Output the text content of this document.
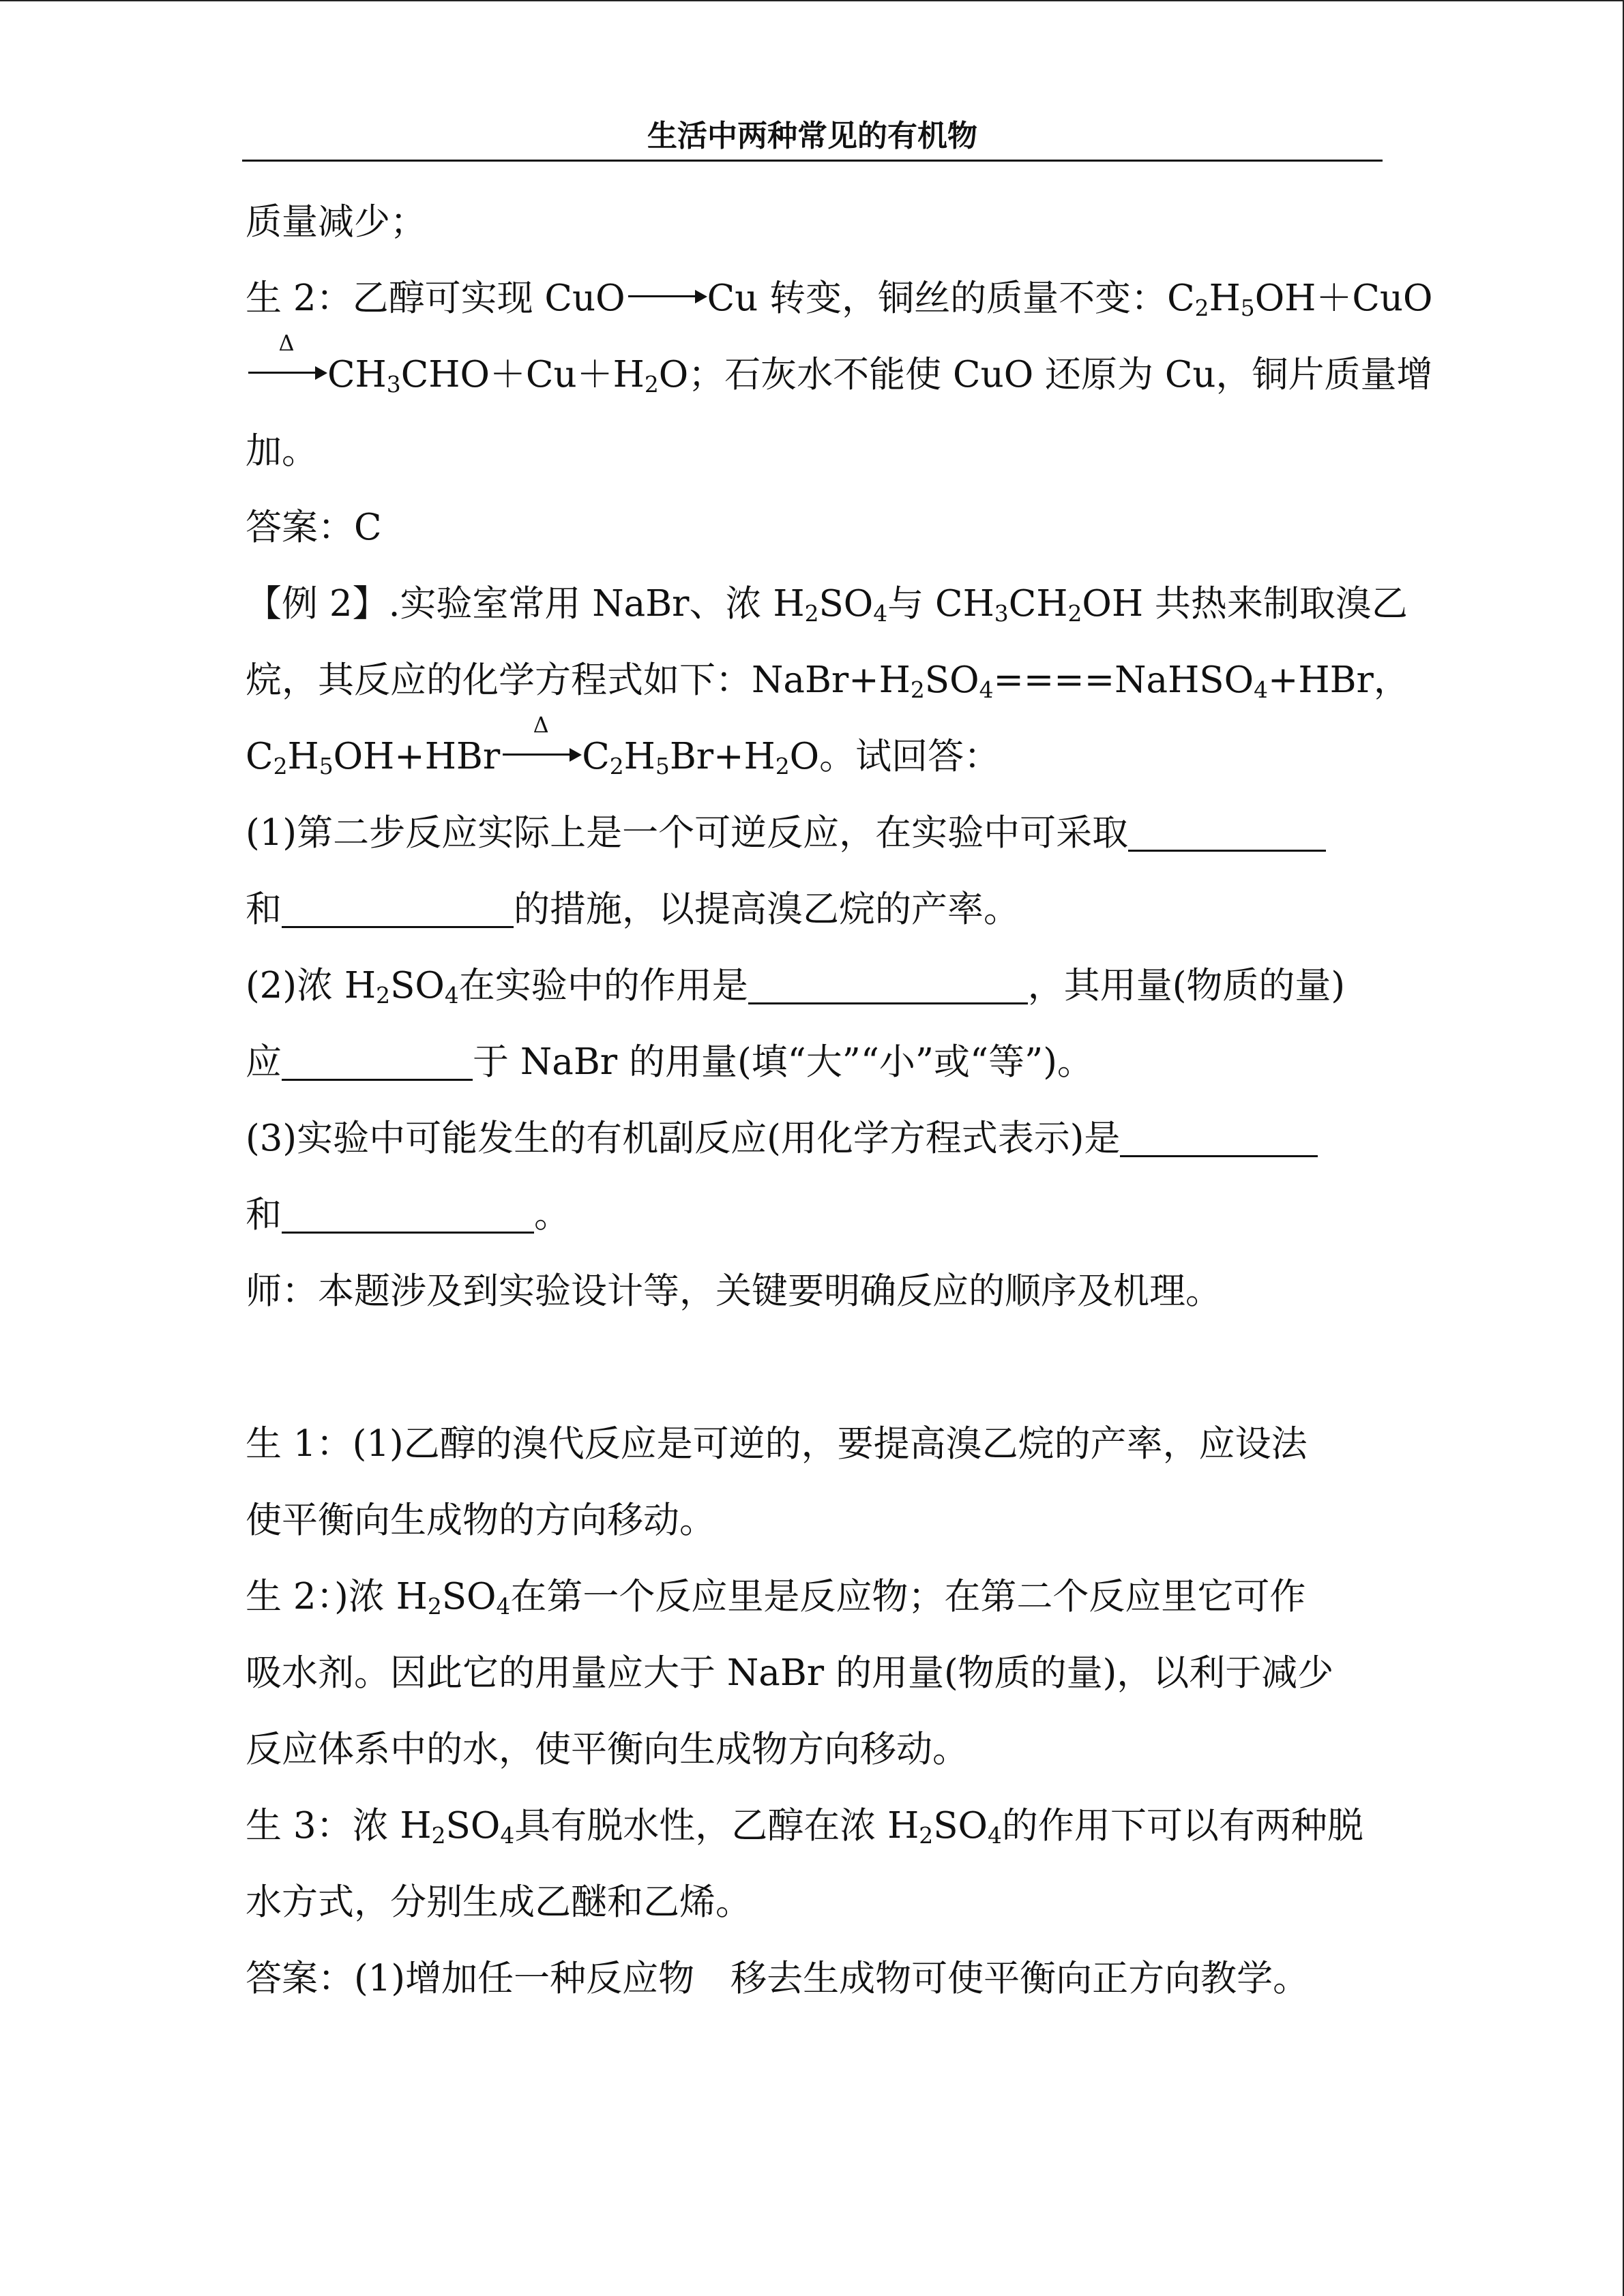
生活中两种常见的有机物
质量减少；
生 2：乙醇可实现 CuO Cu 转变，铜丝的质量不变：$C_2H_5OH+CuO$
Δ
$CH_3CHO+Cu+H_2O$；石灰水不能使 CuO 还原为 Cu，铜片质量增
加。
答案：C
【例 2】.实验室常用 NaBr、浓 $H_2SO_4$与 $CH_3CH_2OH$ 共热来制取溴乙
烷，其反应的化学方程式如下：$NaBr+H_2SO_4====NaHSO_4+HBr$，
$C_2H_5OH+HBr$
Δ
$C_2H_5Br+H_2O$。试回答：
(1)第二步反应实际上是一个可逆反应，在实验中可采取
和	的措施，以提高溴乙烷的产率。
(2)浓 $H_2SO_4$在实验中的作用是	，其用量(物质的量)
应	于 NaBr 的用量(填“大”“小”或“等”)。
(3)实验中可能发生的有机副反应(用化学方程式表示)是
和	。
师：本题涉及到实验设计等，关键要明确反应的顺序及机理。
生 1：(1)乙醇的溴代反应是可逆的，要提高溴乙烷的产率，应设法
使平衡向生成物的方向移动。
生 2：)浓 $H_2SO_4$在第一个反应里是反应物；在第二个反应里它可作
吸水剂。因此它的用量应大于 NaBr 的用量(物质的量)，以利于减少
反应体系中的水，使平衡向生成物方向移动。
生 3：浓 $H_2SO_4$具有脱水性，乙醇在浓 $H_2SO_4$的作用下可以有两种脱
水方式，分别生成乙醚和乙烯。
答案：(1)增加任一种反应物　移去生成物可使平衡向正方向教学。
